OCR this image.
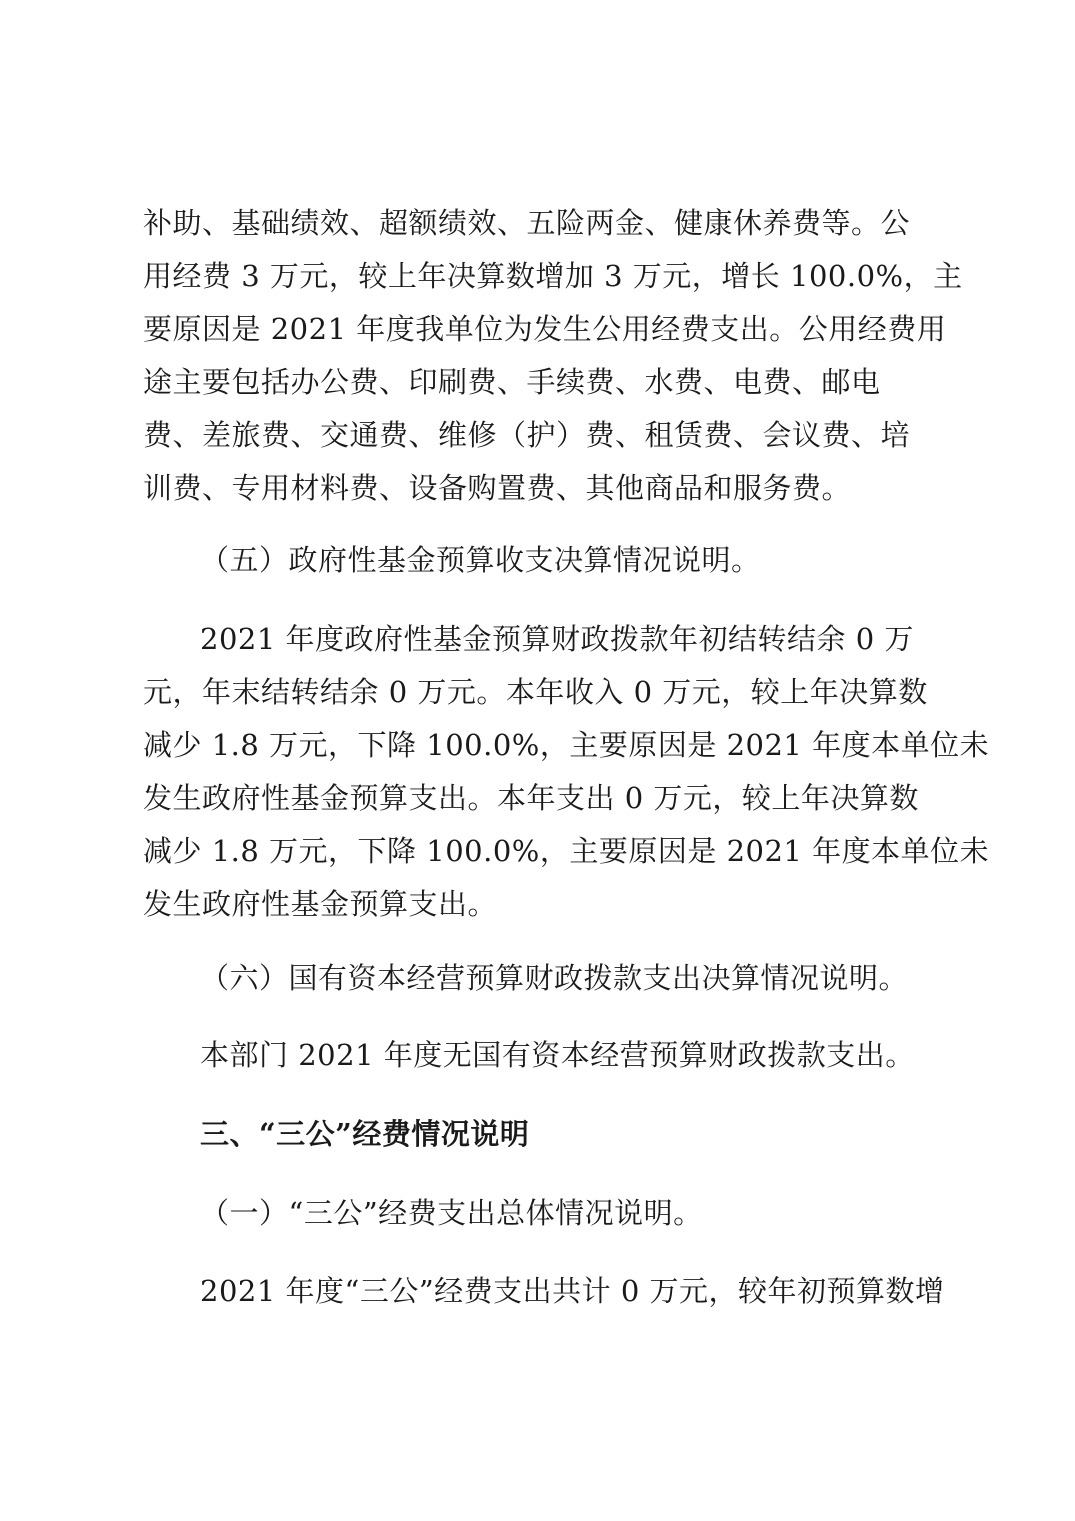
补助、基础绩效、超额绩效、五险两金、健康休养费等。公
用经费 3 万元，较上年决算数增加 3 万元，增长 100.0%，主
要原因是 2021 年度我单位为发生公用经费支出。公用经费用
途主要包括办公费、印刷费、手续费、水费、电费、邮电
费、差旅费、交通费、维修（护）费、租赁费、会议费、培
训费、专用材料费、设备购置费、其他商品和服务费。
（五）政府性基金预算收支决算情况说明。
2021 年度政府性基金预算财政拨款年初结转结余 0 万
元，年末结转结余 0 万元。本年收入 0 万元，较上年决算数
减少 1.8 万元，下降 100.0%，主要原因是 2021 年度本单位未
发生政府性基金预算支出。本年支出 0 万元，较上年决算数
减少 1.8 万元，下降 100.0%，主要原因是 2021 年度本单位未
发生政府性基金预算支出。
（六）国有资本经营预算财政拨款支出决算情况说明。
本部门 2021 年度无国有资本经营预算财政拨款支出。
三、“三公”经费情况说明
（一）“三公”经费支出总体情况说明。
2021 年度“三公”经费支出共计 0 万元，较年初预算数增
